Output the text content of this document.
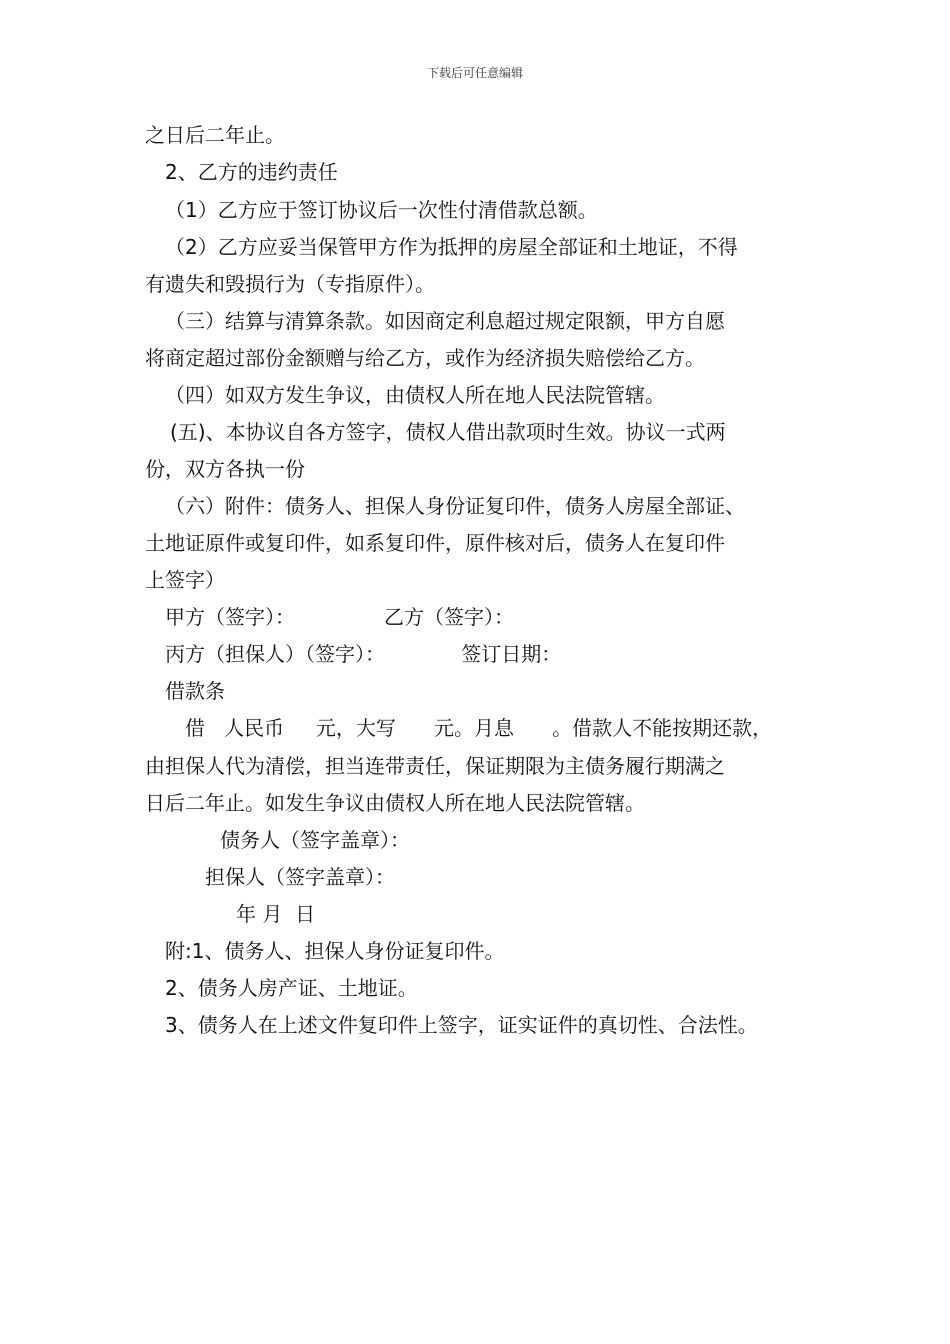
下载后可任意编辑
之日后二年止。
2、乙方的违约责任
（1）乙方应于签订协议后一次性付清借款总额。
（2）乙方应妥当保管甲方作为抵押的房屋全部证和土地证，不得
有遗失和毁损行为（专指原件）。
（三）结算与清算条款。如因商定利息超过规定限额，甲方自愿
将商定超过部份金额赠与给乙方，或作为经济损失赔偿给乙方。
（四）如双方发生争议，由债权人所在地人民法院管辖。
(五)、本协议自各方签字，债权人借出款项时生效。协议一式两
份，双方各执一份
（六）附件：债务人、担保人身份证复印件，债务人房屋全部证、
土地证原件或复印件，如系复印件，原件核对后，债务人在复印件
上签字）
甲方（签字）：              乙方（签字）：
丙方（担保人）（签字）：            签订日期：
借款条
借   人民币     元，大写      元。月息      。借款人不能按期还款，
由担保人代为清偿，担当连带责任，保证期限为主债务履行期满之
日后二年止。如发生争议由债权人所在地人民法院管辖。
债务人（签字盖章）：
担保人（签字盖章）：
年 月  日
附:1、债务人、担保人身份证复印件。
2、债务人房产证、土地证。
3、债务人在上述文件复印件上签字，证实证件的真切性、合法性。
